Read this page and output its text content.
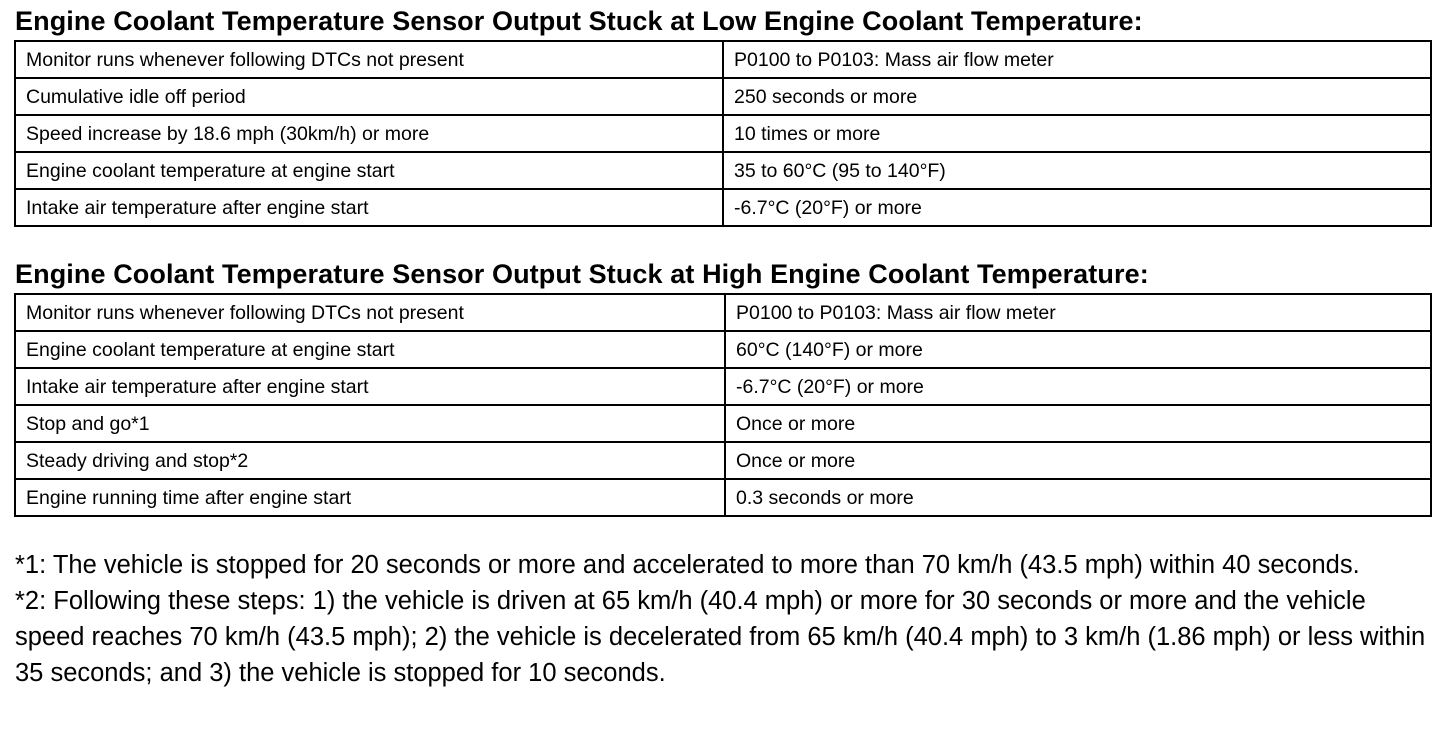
Engine Coolant Temperature Sensor Output Stuck at Low Engine Coolant Temperature:
Monitor runs whenever following DTCs not present	P0100 to P0103: Mass air flow meter
Cumulative idle off period	250 seconds or more
Speed increase by 18.6 mph (30km/h) or more	10 times or more
Engine coolant temperature at engine start	35 to 60°C (95 to 140°F)
Intake air temperature after engine start	-6.7°C (20°F) or more
Engine Coolant Temperature Sensor Output Stuck at High Engine Coolant Temperature:
Monitor runs whenever following DTCs not present	P0100 to P0103: Mass air flow meter
Engine coolant temperature at engine start	60°C (140°F) or more
Intake air temperature after engine start	-6.7°C (20°F) or more
Stop and go*1	Once or more
Steady driving and stop*2	Once or more
Engine running time after engine start	0.3 seconds or more

*1: The vehicle is stopped for 20 seconds or more and accelerated to more than 70 km/h (43.5 mph) within 40 seconds.

*2: Following these steps: 1) the vehicle is driven at 65 km/h (40.4 mph) or more for 30 seconds or more and the vehicle speed reaches 70 km/h (43.5 mph); 2) the vehicle is decelerated from 65 km/h (40.4 mph) to 3 km/h (1.86 mph) or less within 35 seconds; and 3) the vehicle is stopped for 10 seconds.
